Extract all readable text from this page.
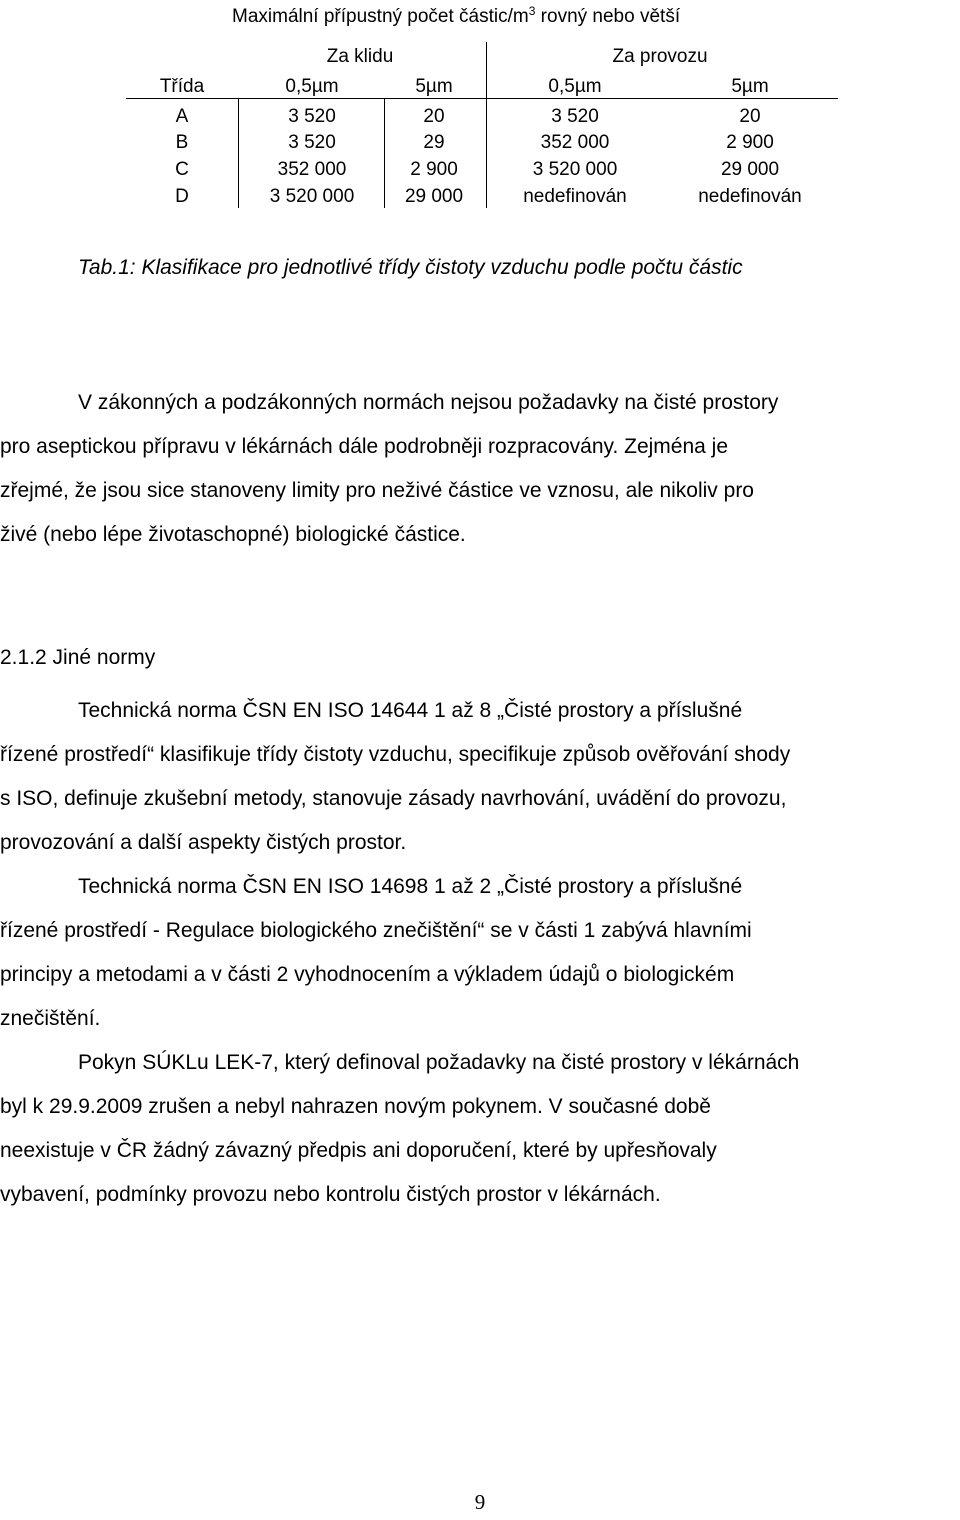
Maximální přípustný počet částic/$m^3$ rovný nebo větší
Za klidu	Za provozu
Třída	0,5µm	5µm	0,5µm	5µm
A	3 520	20	3 520	20
B	3 520	29	352 000	2 900
C	352 000	2 900	3 520 000	29 000
D	3 520 000	29 000	nedefinován	nedefinován
Tab.1: Klasifikace pro jednotlivé třídy čistoty vzduchu podle počtu částic
V zákonných a podzákonných normách nejsou požadavky na čisté prostory
pro aseptickou přípravu v lékárnách dále podrobněji rozpracovány. Zejména je
zřejmé, že jsou sice stanoveny limity pro neživé částice ve vznosu, ale nikoliv pro
živé (nebo lépe životaschopné) biologické částice.
2.1.2 Jiné normy
Technická norma ČSN EN ISO 14644 1 až 8 „Čisté prostory a příslušné
řízené prostředí“ klasifikuje třídy čistoty vzduchu, specifikuje způsob ověřování shody
s ISO, definuje zkušební metody, stanovuje zásady navrhování, uvádění do provozu,
provozování a další aspekty čistých prostor.
Technická norma ČSN EN ISO 14698 1 až 2 „Čisté prostory a příslušné
řízené prostředí - Regulace biologického znečištění“ se v části 1 zabývá hlavními
principy a metodami a v části 2 vyhodnocením a výkladem údajů o biologickém
znečištění.
Pokyn SÚKLu LEK-7, který definoval požadavky na čisté prostory v lékárnách
byl k 29.9.2009 zrušen a nebyl nahrazen novým pokynem. V současné době
neexistuje v ČR žádný závazný předpis ani doporučení, které by upřesňovaly
vybavení, podmínky provozu nebo kontrolu čistých prostor v lékárnách.
9
